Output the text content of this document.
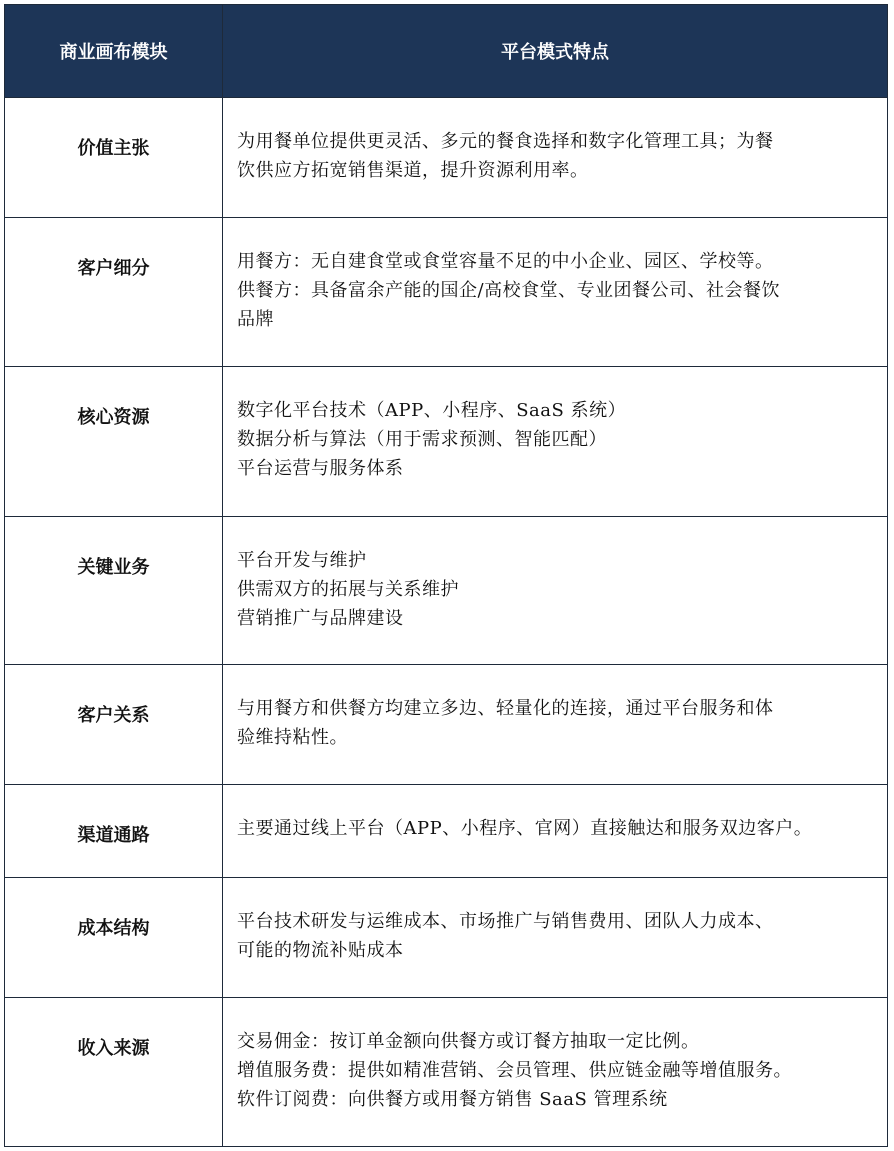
商业画布模块	平台模式特点
价值主张	为用餐单位提供更灵活、多元的餐食选择和数字化管理工具；为餐
饮供应方拓宽销售渠道，提升资源利用率。

客户细分	用餐方：无自建食堂或食堂容量不足的中小企业、园区、学校等。
供餐方：具备富余产能的国企/高校食堂、专业团餐公司、社会餐饮
品牌

核心资源	数字化平台技术（APP、小程序、SaaS 系统）
数据分析与算法（用于需求预测、智能匹配）
平台运营与服务体系

关键业务	平台开发与维护
供需双方的拓展与关系维护
营销推广与品牌建设

客户关系	与用餐方和供餐方均建立多边、轻量化的连接，通过平台服务和体
验维持粘性。

渠道通路	主要通过线上平台（APP、小程序、官网）直接触达和服务双边客户。

成本结构	平台技术研发与运维成本、市场推广与销售费用、团队人力成本、
可能的物流补贴成本

收入来源	交易佣金：按订单金额向供餐方或订餐方抽取一定比例。
增值服务费：提供如精准营销、会员管理、供应链金融等增值服务。
软件订阅费：向供餐方或用餐方销售 SaaS 管理系统
